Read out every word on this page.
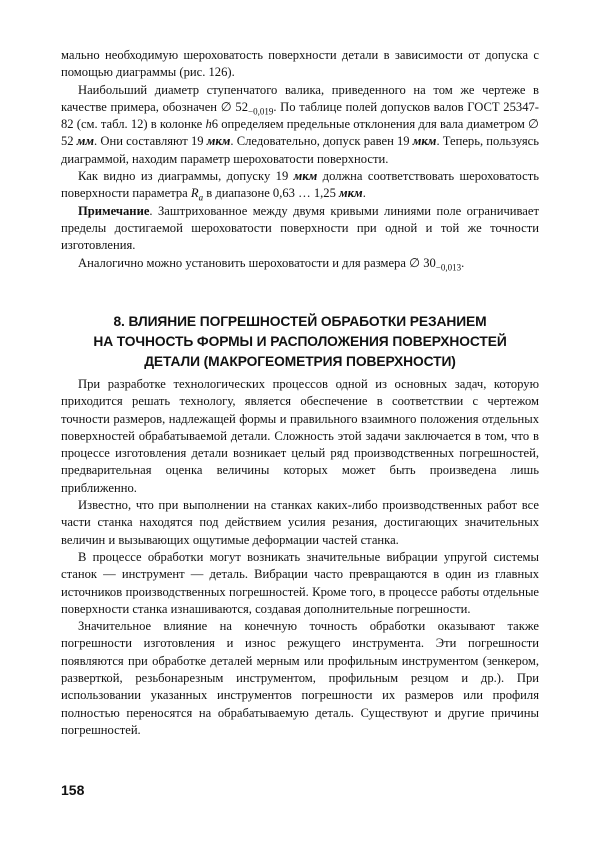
мально необходимую шероховатость поверхности детали в зависимости от допуска с помощью диаграммы (рис. 126).

Наибольший диаметр ступенчатого валика, приведенного на том же чертеже в качестве примера, обозначен ∅ $52_{-0,019}$. По таблице полей допусков валов ГОСТ 25347-82 (см. табл. 12) в колонке h6 определяем предельные отклонения для вала диаметром ∅ 52 мм. Они составляют 19 мкм. Следовательно, допуск равен 19 мкм. Теперь, пользуясь диаграммой, находим параметр шероховатости поверхности.

Как видно из диаграммы, допуску 19 мкм должна соответствовать шероховатость поверхности параметра $R_a$ в диапазоне 0,63 … 1,25 мкм.

Примечание. Заштрихованное между двумя кривыми линиями поле ограничивает пределы достигаемой шероховатости поверхности при одной и той же точности изготовления.

Аналогично можно установить шероховатости и для размера ∅ $30_{-0,013}$.

8. ВЛИЯНИЕ ПОГРЕШНОСТЕЙ ОБРАБОТКИ РЕЗАНИЕМ
НА ТОЧНОСТЬ ФОРМЫ И РАСПОЛОЖЕНИЯ ПОВЕРХНОСТЕЙ
ДЕТАЛИ (МАКРОГЕОМЕТРИЯ ПОВЕРХНОСТИ)

При разработке технологических процессов одной из основных задач, которую приходится решать технологу, является обеспечение в соответствии с чертежом точности размеров, надлежащей формы и правильного взаимного положения отдельных поверхностей обрабатываемой детали. Сложность этой задачи заключается в том, что в процессе изготовления детали возникает целый ряд производственных погрешностей, предварительная оценка величины которых может быть произведена лишь приближенно.

Известно, что при выполнении на станках каких-либо производственных работ все части станка находятся под действием усилия резания, достигающих значительных величин и вызывающих ощутимые деформации частей станка.

В процессе обработки могут возникать значительные вибрации упругой системы станок — инструмент — деталь. Вибрации часто превращаются в один из главных источников производственных погрешностей. Кроме того, в процессе работы отдельные поверхности станка изнашиваются, создавая дополнительные погрешности.

Значительное влияние на конечную точность обработки оказывают также погрешности изготовления и износ режущего инструмента. Эти погрешности появляются при обработке деталей мерным или профильным инструментом (зенкером, разверткой, резьбонарезным инструментом, профильным резцом и др.). При использовании указанных инструментов погрешности их размеров или профиля полностью переносятся на обрабатываемую деталь. Существуют и другие причины погрешностей.

158
